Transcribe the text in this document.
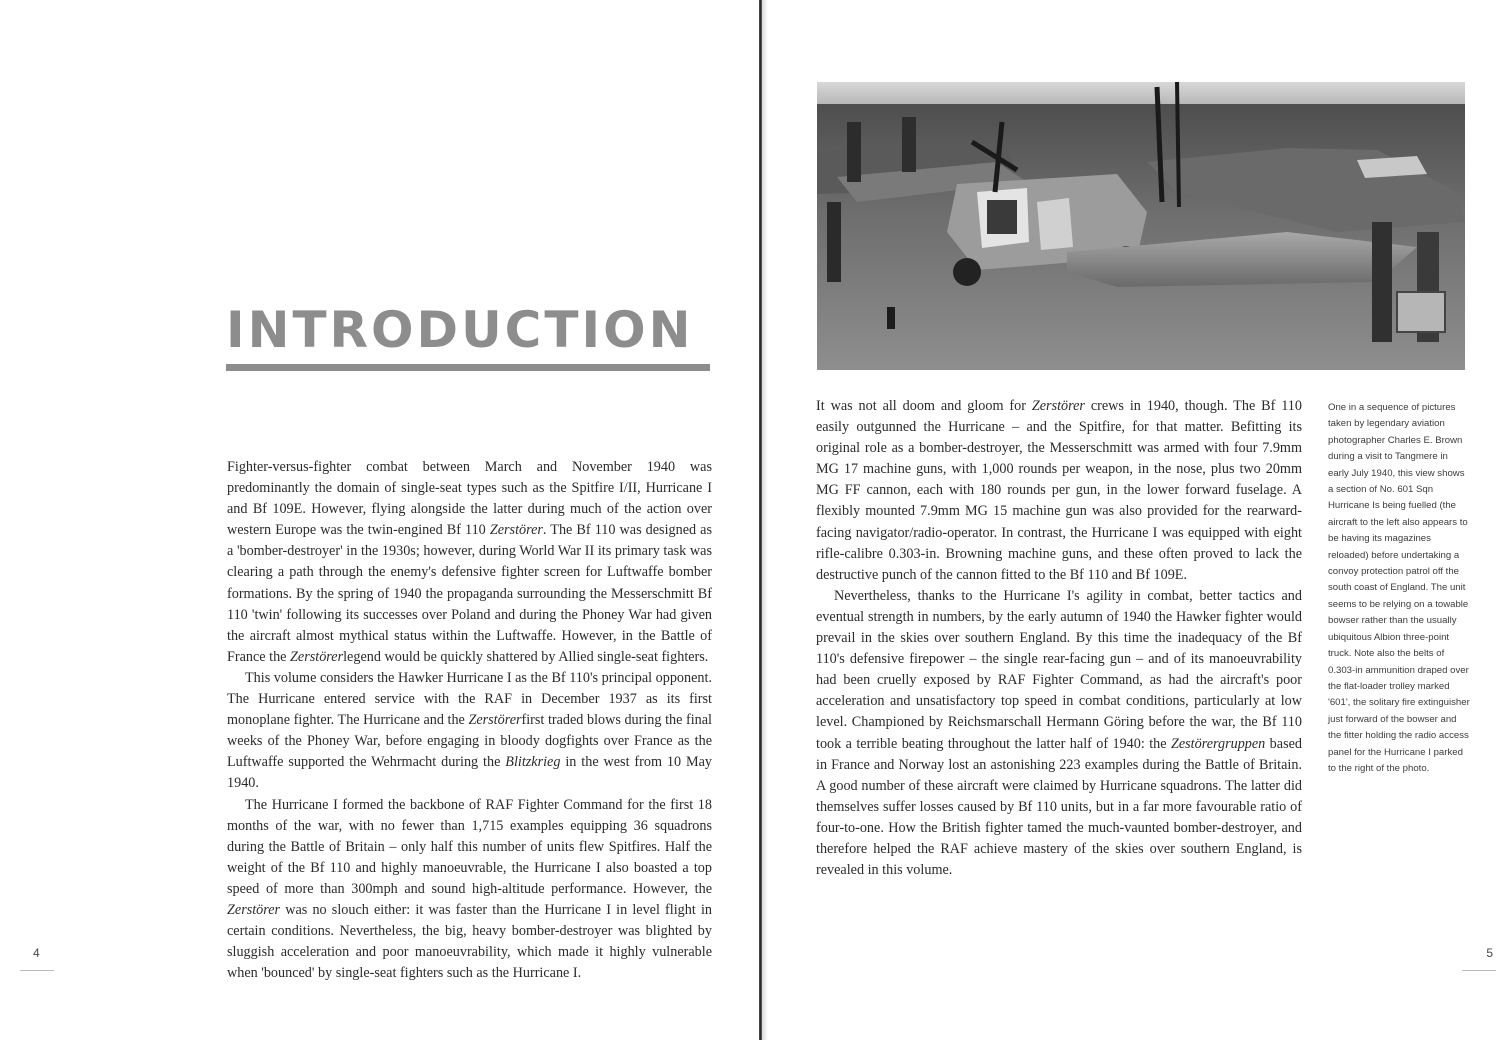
INTRODUCTION

Fighter-versus-fighter combat between March and November 1940 was predominantly the domain of single-seat types such as the Spitfire I/II, Hurricane I and Bf 109E. However, flying alongside the latter during much of the action over western Europe was the twin-engined Bf 110 Zerstörer. The Bf 110 was designed as a 'bomber-destroyer' in the 1930s; however, during World War II its primary task was clearing a path through the enemy's defensive fighter screen for Luftwaffe bomber formations. By the spring of 1940 the propaganda surrounding the Messerschmitt Bf 110 'twin' following its successes over Poland and during the Phoney War had given the aircraft almost mythical status within the Luftwaffe. However, in the Battle of France the Zerstörerlegend would be quickly shattered by Allied single-seat fighters.

This volume considers the Hawker Hurricane I as the Bf 110's principal opponent. The Hurricane entered service with the RAF in December 1937 as its first monoplane fighter. The Hurricane and the Zerstörerfirst traded blows during the final weeks of the Phoney War, before engaging in bloody dogfights over France as the Luftwaffe supported the Wehrmacht during the Blitzkrieg in the west from 10 May 1940.

The Hurricane I formed the backbone of RAF Fighter Command for the first 18 months of the war, with no fewer than 1,715 examples equipping 36 squadrons during the Battle of Britain – only half this number of units flew Spitfires. Half the weight of the Bf 110 and highly manoeuvrable, the Hurricane I also boasted a top speed of more than 300mph and sound high-altitude performance. However, the Zerstörer was no slouch either: it was faster than the Hurricane I in level flight in certain conditions. Nevertheless, the big, heavy bomber-destroyer was blighted by sluggish acceleration and poor manoeuvrability, which made it highly vulnerable when 'bounced' by single-seat fighters such as the Hurricane I.

4

It was not all doom and gloom for Zerstörer crews in 1940, though. The Bf 110 easily outgunned the Hurricane – and the Spitfire, for that matter. Befitting its original role as a bomber-destroyer, the Messerschmitt was armed with four 7.9mm MG 17 machine guns, with 1,000 rounds per weapon, in the nose, plus two 20mm MG FF cannon, each with 180 rounds per gun, in the lower forward fuselage. A flexibly mounted 7.9mm MG 15 machine gun was also provided for the rearward-facing navigator/radio-operator. In contrast, the Hurricane I was equipped with eight rifle-calibre 0.303-in. Browning machine guns, and these often proved to lack the destructive punch of the cannon fitted to the Bf 110 and Bf 109E.

Nevertheless, thanks to the Hurricane I's agility in combat, better tactics and eventual strength in numbers, by the early autumn of 1940 the Hawker fighter would prevail in the skies over southern England. By this time the inadequacy of the Bf 110's defensive firepower – the single rear-facing gun – and of its manoeuvrability had been cruelly exposed by RAF Fighter Command, as had the aircraft's poor acceleration and unsatisfactory top speed in combat conditions, particularly at low level. Championed by Reichsmarschall Hermann Göring before the war, the Bf 110 took a terrible beating throughout the latter half of 1940: the Zestörergruppen based in France and Norway lost an astonishing 223 examples during the Battle of Britain. A good number of these aircraft were claimed by Hurricane squadrons. The latter did themselves suffer losses caused by Bf 110 units, but in a far more favourable ratio of four-to-one. How the British fighter tamed the much-vaunted bomber-destroyer, and therefore helped the RAF achieve mastery of the skies over southern England, is revealed in this volume.

One in a sequence of pictures taken by legendary aviation photographer Charles E. Brown during a visit to Tangmere in early July 1940, this view shows a section of No. 601 Sqn Hurricane Is being fuelled (the aircraft to the left also appears to be having its magazines reloaded) before undertaking a convoy protection patrol off the south coast of England. The unit seems to be relying on a towable bowser rather than the usually ubiquitous Albion three-point truck. Note also the belts of 0.303-in ammunition draped over the flat-loader trolley marked '601', the solitary fire extinguisher just forward of the bowser and the fitter holding the radio access panel for the Hurricane I parked to the right of the photo.
5
